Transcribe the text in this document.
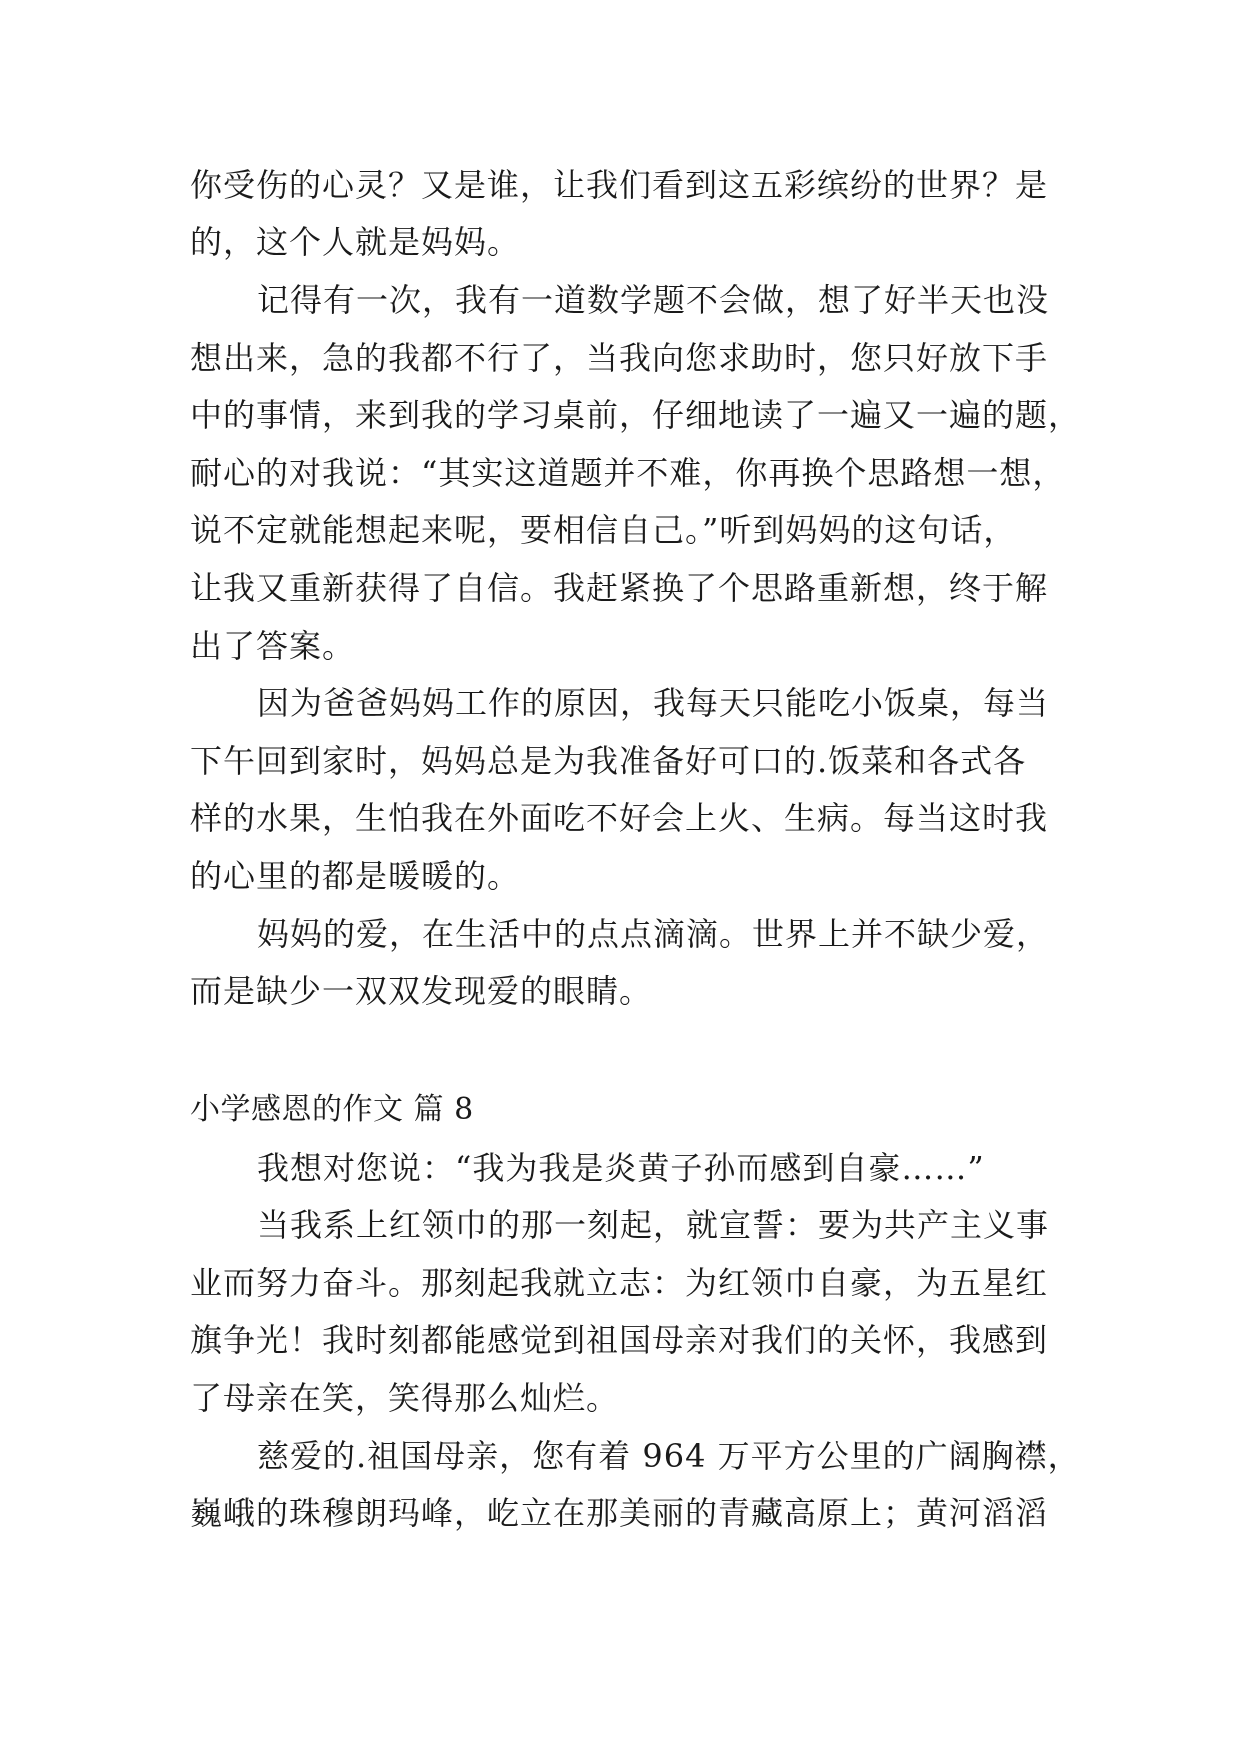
你受伤的心灵？又是谁，让我们看到这五彩缤纷的世界？是
的，这个人就是妈妈。
记得有一次，我有一道数学题不会做，想了好半天也没
想出来，急的我都不行了，当我向您求助时，您只好放下手
中的事情，来到我的学习桌前，仔细地读了一遍又一遍的题，
耐心的对我说：“其实这道题并不难，你再换个思路想一想，
说不定就能想起来呢，要相信自己。”听到妈妈的这句话，
让我又重新获得了自信。我赶紧换了个思路重新想，终于解
出了答案。
因为爸爸妈妈工作的原因，我每天只能吃小饭桌，每当
下午回到家时，妈妈总是为我准备好可口的.饭菜和各式各
样的水果，生怕我在外面吃不好会上火、生病。每当这时我
的心里的都是暖暖的。
妈妈的爱，在生活中的点点滴滴。世界上并不缺少爱，
而是缺少一双双发现爱的眼睛。
小学感恩的作文 篇 8
我想对您说：“我为我是炎黄子孙而感到自豪……”
当我系上红领巾的那一刻起，就宣誓：要为共产主义事
业而努力奋斗。那刻起我就立志：为红领巾自豪，为五星红
旗争光！我时刻都能感觉到祖国母亲对我们的关怀，我感到
了母亲在笑，笑得那么灿烂。
慈爱的.祖国母亲，您有着 964 万平方公里的广阔胸襟，
巍峨的珠穆朗玛峰，屹立在那美丽的青藏高原上；黄河滔滔
